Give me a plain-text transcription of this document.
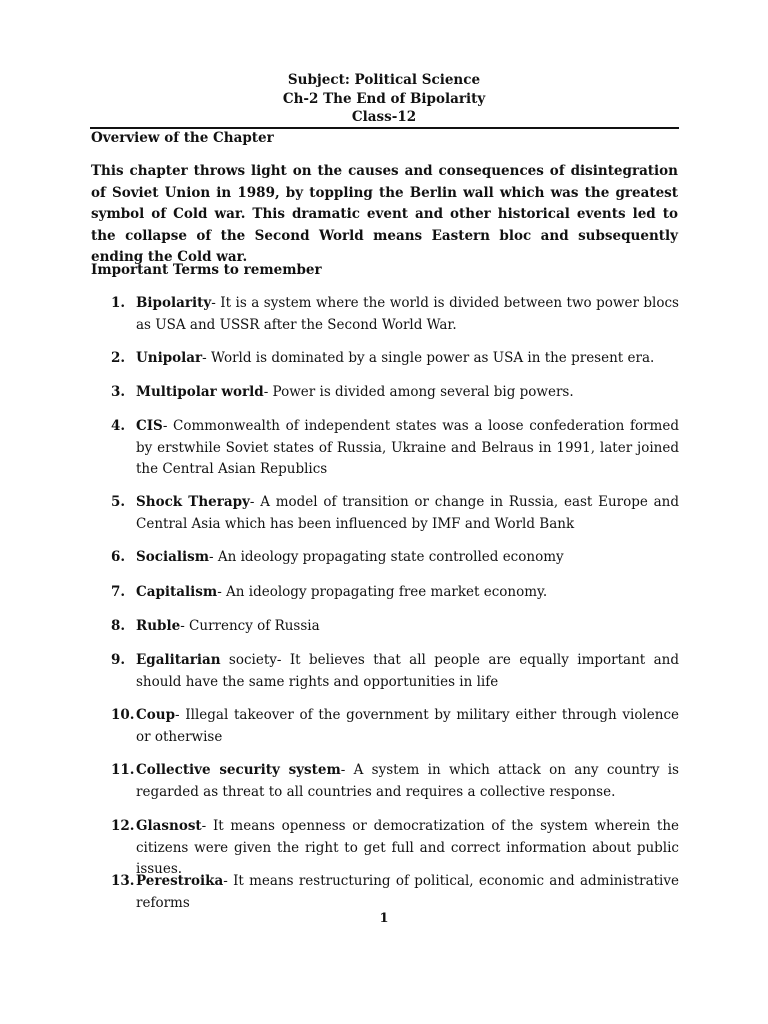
Subject: Political Science
Ch-2 The End of Bipolarity
Class-12
Overview of the Chapter
This chapter throws light on the causes and consequences of disintegration of Soviet Union in 1989, by toppling the Berlin wall which was the greatest symbol of Cold war. This dramatic event and other historical events led to the collapse of the Second World means Eastern bloc and subsequently ending the Cold war.
Important Terms to remember
1. Bipolarity- It is a system where the world is divided between two power blocs as USA and USSR after the Second World War.
2. Unipolar- World is dominated by a single power as USA in the present era.
3. Multipolar world- Power is divided among several big powers.
4. CIS- Commonwealth of independent states was a loose confederation formed by erstwhile Soviet states of Russia, Ukraine and Belraus in 1991, later joined the Central Asian Republics
5. Shock Therapy- A model of transition or change in Russia, east Europe and Central Asia which has been influenced by IMF and World Bank
6. Socialism- An ideology propagating state controlled economy
7. Capitalism- An ideology propagating free market economy.
8. Ruble- Currency of Russia
9. Egalitarian society- It believes that all people are equally important and should have the same rights and opportunities in life
10. Coup- Illegal takeover of the government by military either through violence or otherwise
11. Collective security system- A system in which attack on any country is regarded as threat to all countries and requires a collective response.
12. Glasnost- It means openness or democratization of the system wherein the citizens were given the right to get full and correct information about public issues.
13. Perestroika- It means restructuring of political, economic and administrative reforms
1
